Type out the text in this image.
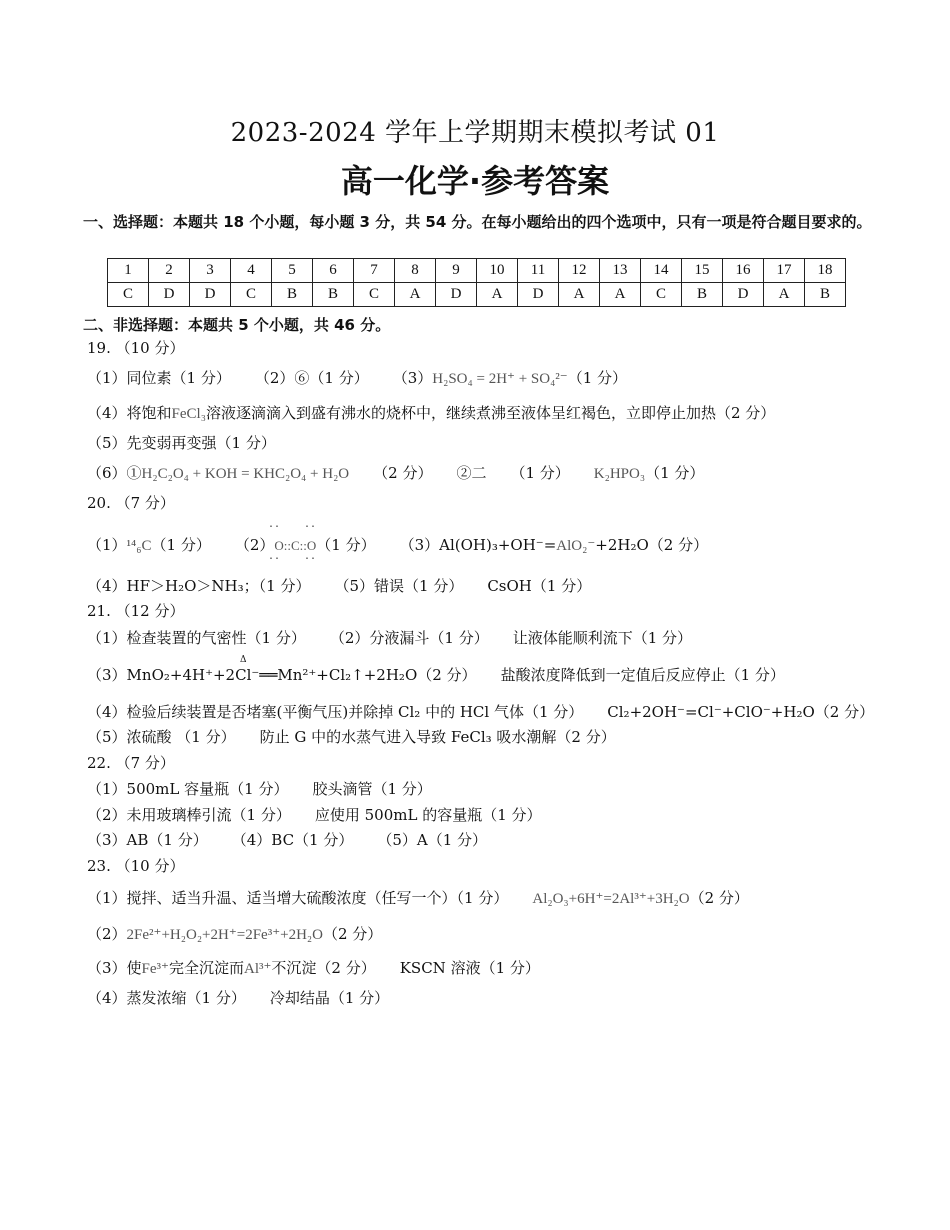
2023-2024 学年上学期期末模拟考试 01
高一化学·参考答案
一、选择题：本题共 18 个小题，每小题 3 分，共 54 分。在每小题给出的四个选项中，只有一项是符合题目要求的。
1	2	3	4	5	6	7	8	9	10	11	12	13	14	15	16	17	18
C	D	D	C	B	B	C	A	D	A	D	A	A	C	B	D	A	B
二、非选择题：本题共 5 个小题，共 46 分。
19. （10 分）
（1）同位素（1 分） （2）⑥（1 分） （3）H₂SO₄ = 2H⁺ + SO₄²⁻（1 分）
（4）将饱和FeCl₃溶液逐滴滴入到盛有沸水的烧杯中，继续煮沸至液体呈红褐色，立即停止加热（2 分）
（5）先变弱再变强（1 分）
（6）①H₂C₂O₄ + KOH = KHC₂O₄ + H₂O （2 分） ②二 （1 分） K₂HPO₃（1 分）
20. （7 分）
..    ..
..    ..
（1）¹⁴₆C（1 分） （2）O::C::O（1 分） （3）Al(OH)₃+OH⁻=AlO₂⁻+2H₂O（2 分）
（4）HF＞H₂O＞NH₃；（1 分） （5）错误（1 分） CsOH（1 分）
21. （12 分）
（1）检查装置的气密性（1 分） （2）分液漏斗（1 分） 让液体能顺利流下（1 分）
Δ
（3）MnO₂+4H⁺+2Cl⁻══Mn²⁺+Cl₂↑+2H₂O（2 分） 盐酸浓度降低到一定值后反应停止（1 分）
（4）检验后续装置是否堵塞(平衡气压)并除掉 Cl₂ 中的 HCl 气体（1 分） Cl₂+2OH⁻=Cl⁻+ClO⁻+H₂O（2 分）
（5）浓硫酸 （1 分） 防止 G 中的水蒸气进入导致 FeCl₃ 吸水潮解（2 分）
22. （7 分）
（1）500mL 容量瓶（1 分） 胶头滴管（1 分）
（2）未用玻璃棒引流（1 分） 应使用 500mL 的容量瓶（1 分）
（3）AB（1 分） （4）BC（1 分） （5）A（1 分）
23. （10 分）
（1）搅拌、适当升温、适当增大硫酸浓度（任写一个）（1 分） Al₂O₃+6H⁺=2Al³⁺+3H₂O（2 分）
（2）2Fe²⁺+H₂O₂+2H⁺=2Fe³⁺+2H₂O（2 分）
（3）使Fe³⁺完全沉淀而Al³⁺不沉淀（2 分） KSCN 溶液（1 分）
（4）蒸发浓缩（1 分） 冷却结晶（1 分）
